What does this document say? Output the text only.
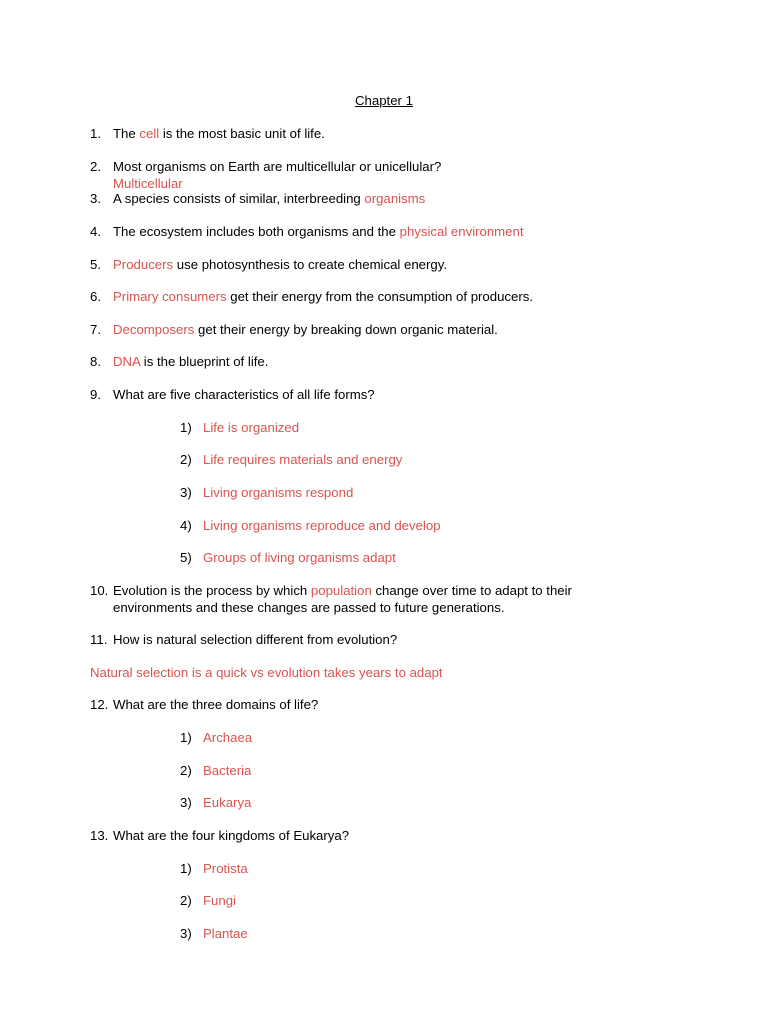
Chapter 1
1. The cell is the most basic unit of life.
2. Most organisms on Earth are multicellular or unicellular?
Multicellular
3. A species consists of similar, interbreeding organisms
4. The ecosystem includes both organisms and the physical environment
5. Producers use photosynthesis to create chemical energy.
6. Primary consumers get their energy from the consumption of producers.
7. Decomposers get their energy by breaking down organic material.
8. DNA is the blueprint of life.
9. What are five characteristics of all life forms?
1) Life is organized
2) Life requires materials and energy
3) Living organisms respond
4) Living organisms reproduce and develop
5) Groups of living organisms adapt
10. Evolution is the process by which population change over time to adapt to their environments and these changes are passed to future generations.
11. How is natural selection different from evolution?
Natural selection is a quick vs evolution takes years to adapt
12. What are the three domains of life?
1) Archaea
2) Bacteria
3) Eukarya
13. What are the four kingdoms of Eukarya?
1) Protista
2) Fungi
3) Plantae
